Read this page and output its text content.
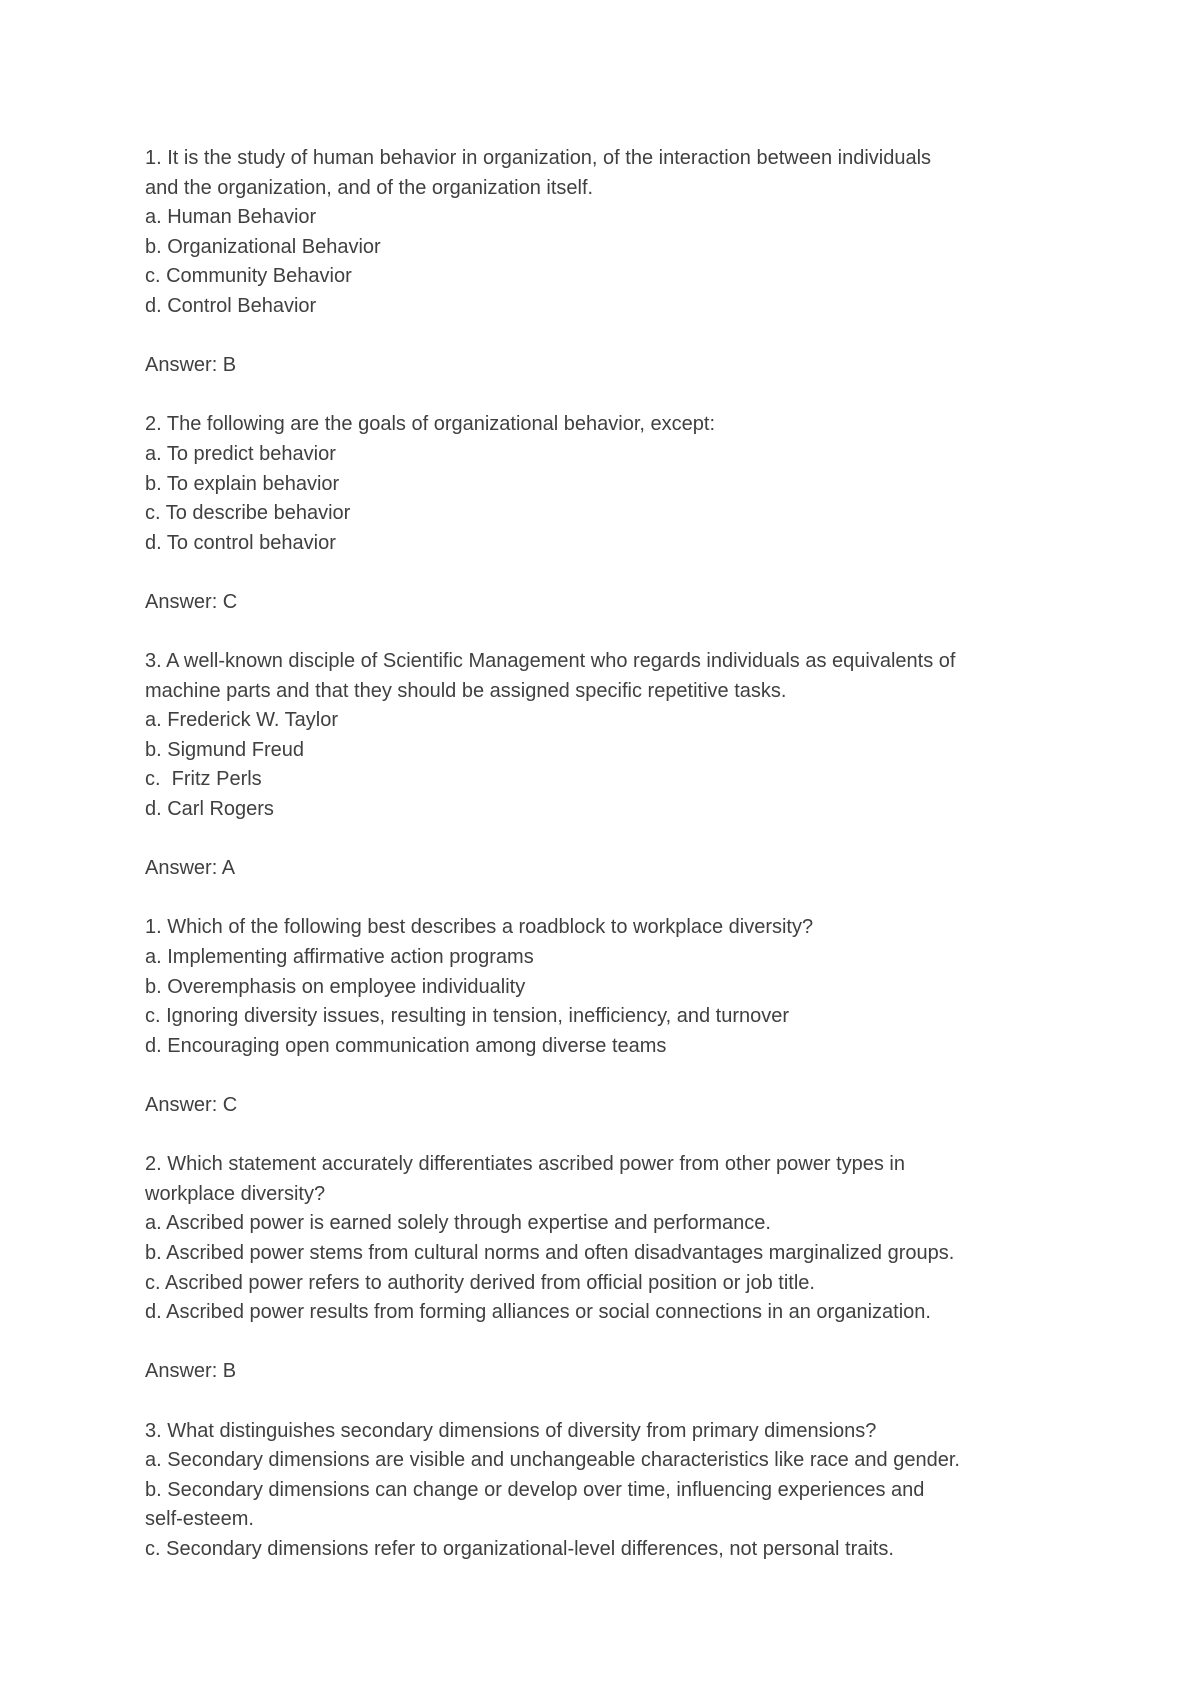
1. It is the study of human behavior in organization, of the interaction between individuals
and the organization, and of the organization itself.
a. Human Behavior
b. Organizational Behavior
c. Community Behavior
d. Control Behavior
Answer: B
2. The following are the goals of organizational behavior, except:
a. To predict behavior
b. To explain behavior
c. To describe behavior
d. To control behavior
Answer: C
3. A well-known disciple of Scientific Management who regards individuals as equivalents of
machine parts and that they should be assigned specific repetitive tasks.
a. Frederick W. Taylor
b. Sigmund Freud
c.  Fritz Perls
d. Carl Rogers
Answer: A
1. Which of the following best describes a roadblock to workplace diversity?
a. Implementing affirmative action programs
b. Overemphasis on employee individuality
c. Ignoring diversity issues, resulting in tension, inefficiency, and turnover
d. Encouraging open communication among diverse teams
Answer: C
2. Which statement accurately differentiates ascribed power from other power types in
workplace diversity?
a. Ascribed power is earned solely through expertise and performance.
b. Ascribed power stems from cultural norms and often disadvantages marginalized groups.
c. Ascribed power refers to authority derived from official position or job title.
d. Ascribed power results from forming alliances or social connections in an organization.
Answer: B
3. What distinguishes secondary dimensions of diversity from primary dimensions?
a. Secondary dimensions are visible and unchangeable characteristics like race and gender.
b. Secondary dimensions can change or develop over time, influencing experiences and
self-esteem.
c. Secondary dimensions refer to organizational-level differences, not personal traits.
